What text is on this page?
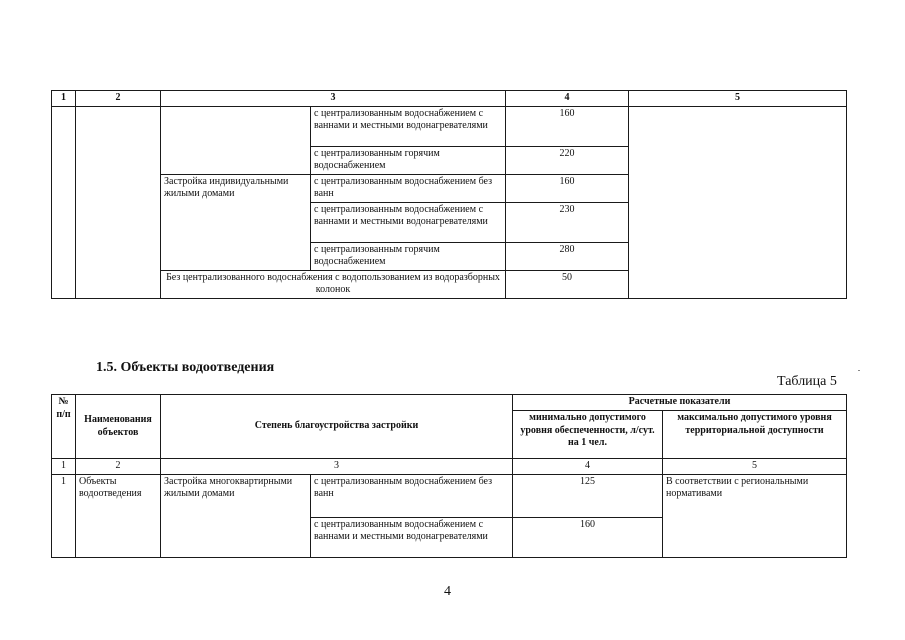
1	2	3		4	5
			с централизованным водоснабжением с ваннами и местными водонагревателями	160	
			с централизованным горячим водоснабжением	220	
		Застройка индивидуальными жилыми домами	с централизованным водоснабжением без ванн	160	
			с централизованным водоснабжением с ваннами и местными водонагревателями	230	
			с централизованным горячим водоснабжением	280	
		Без централизованного водоснабжения с водопользованием из водоразборных колонок		50	
1.5. Объекты водоотведения
Таблица 5
№ п/п	Наименования объектов	Степень благоустройства застройки		Расчетные показатели	
				минимально допустимого уровня обеспеченности, л/сут. на 1 чел.	максимально допустимого уровня территориальной доступности
1	2	3		4	5
1	Объекты водоотведения	Застройка многоквартирными жилыми домами	с централизованным водоснабжением без ванн	125	В соответствии с региональными нормативами
			с централизованным водоснабжением с ваннами и местными водонагревателями	160	
4
